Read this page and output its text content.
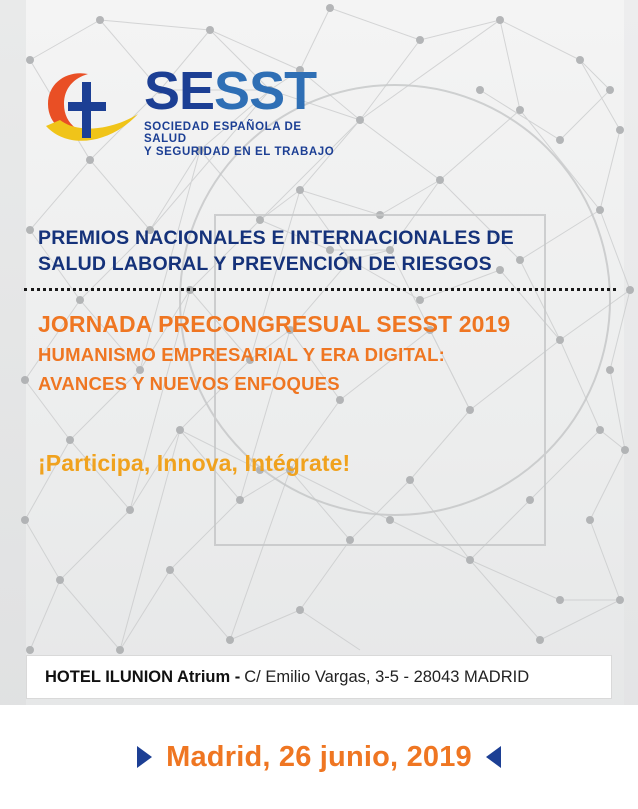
SESST
SOCIEDAD ESPAÑOLA DE SALUD
Y SEGURIDAD EN EL TRABAJO
PREMIOS NACIONALES E INTERNACIONALES DE
SALUD LABORAL Y PREVENCIÓN DE RIESGOS
JORNADA PRECONGRESUAL SESST 2019
HUMANISMO EMPRESARIAL Y ERA DIGITAL:
AVANCES Y NUEVOS ENFOQUES
¡Participa, Innova, Intégrate!
HOTEL ILUNION Atrium - C/ Emilio Vargas, 3-5 - 28043 MADRID
Madrid, 26 junio, 2019
